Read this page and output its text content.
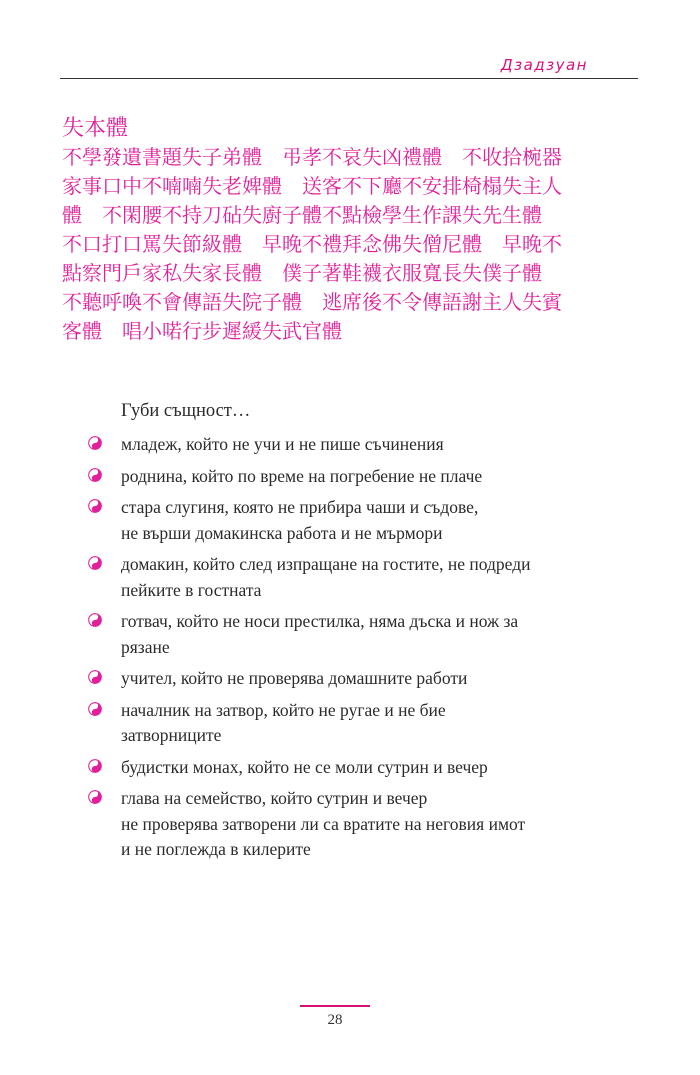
Дзадзуан
失本體
不學發遺書題失子弟體　弔孝不哀失凶禮體　不收拾椀器
家事口中不喃喃失老婢體　送客不下廳不安排椅榻失主人
體　不閑腰不持刀砧失廚子體不點檢學生作課失先生體
不口打口罵失節級體　早晚不禮拜念佛失僧尼體　早晚不
點察門戶家私失家長體　僕子著鞋襪衣服寬長失僕子體
不聽呼喚不會傳語失院子體　逃席後不令傳語謝主人失賓
客體　唱小喏行步遲緩失武官體
Губи същност…
младеж, който не учи и не пише съчинения
роднина, който по време на погребение не плаче
стара слугиня, която не прибира чаши и съдове,
не върши домакинска работа и не мърмори
домакин, който след изпращане на гостите, не подреди
пейките в гостната
готвач, който не носи престилка, няма дъска и нож за
рязане
учител, който не проверява домашните работи
началник на затвор, който не ругае и не бие
затворниците
будистки монах, който не се моли сутрин и вечер
глава на семейство, който сутрин и вечер
не проверява затворени ли са вратите на неговия имот
и не поглежда в килерите
28
